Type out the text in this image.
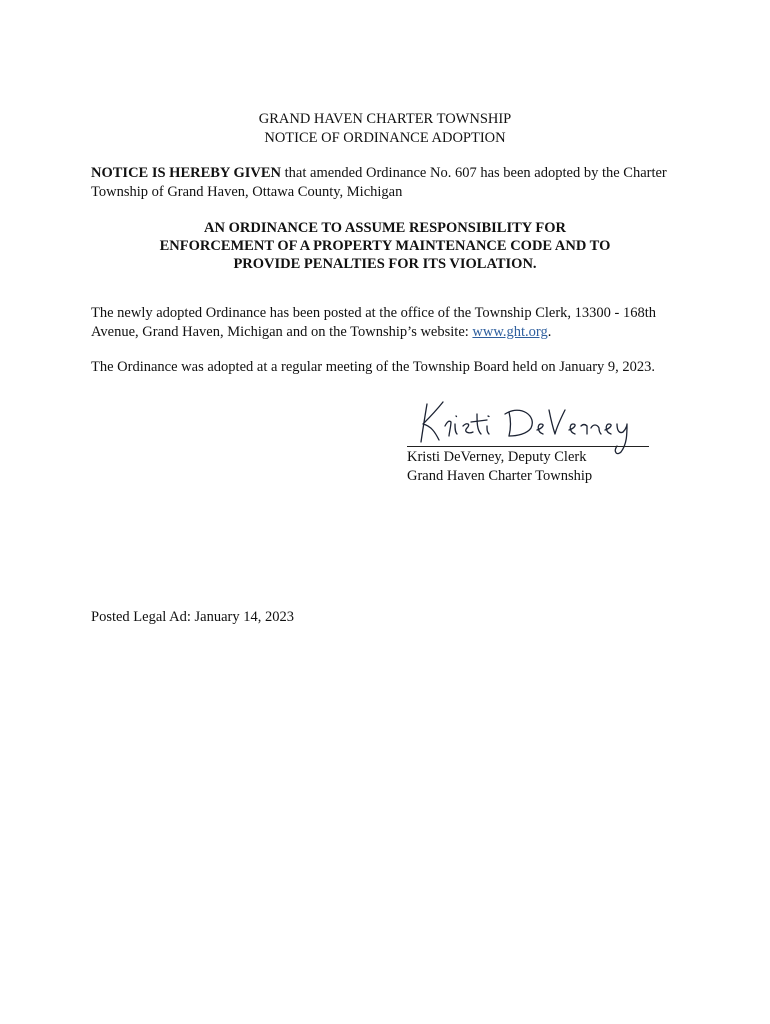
GRAND HAVEN CHARTER TOWNSHIP
NOTICE OF ORDINANCE ADOPTION
NOTICE IS HEREBY GIVEN that amended Ordinance No. 607 has been adopted by the Charter Township of Grand Haven, Ottawa County, Michigan
AN ORDINANCE TO ASSUME RESPONSIBILITY FOR
ENFORCEMENT OF A PROPERTY MAINTENANCE CODE AND TO
PROVIDE PENALTIES FOR ITS VIOLATION.
The newly adopted Ordinance has been posted at the office of the Township Clerk, 13300 - 168th Avenue, Grand Haven, Michigan and on the Township’s website: www.ght.org.
The Ordinance was adopted at a regular meeting of the Township Board held on January 9, 2023.
Kristi DeVerney, Deputy Clerk
Grand Haven Charter Township
Posted Legal Ad: January 14, 2023
